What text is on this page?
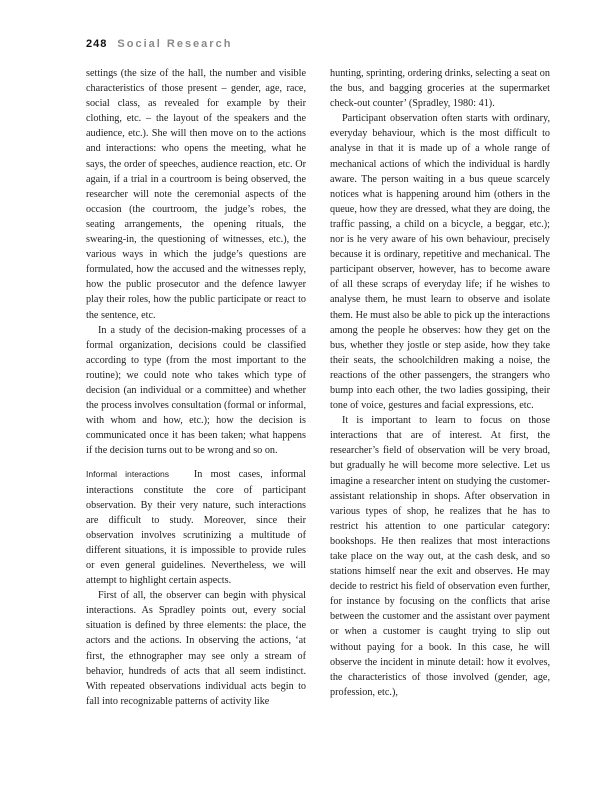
248 Social Research

settings (the size of the hall, the number and visible characteristics of those present – gender, age, race, social class, as revealed for example by their clothing, etc. – the layout of the speakers and the audience, etc.). She will then move on to the actions and interactions: who opens the meeting, what he says, the order of speeches, audience reaction, etc. Or again, if a trial in a courtroom is being observed, the researcher will note the ceremonial aspects of the occasion (the courtroom, the judge’s robes, the seating arrangements, the opening rituals, the swearing-in, the questioning of witnesses, etc.), the various ways in which the judge’s questions are formulated, how the accused and the witnesses reply, how the public prosecutor and the defence lawyer play their roles, how the public participate or react to the sentence, etc.

In a study of the decision-making processes of a formal organization, decisions could be classified according to type (from the most important to the routine); we could note who takes which type of decision (an individual or a committee) and whether the process involves consultation (formal or informal, with whom and how, etc.); how the decision is communicated once it has been taken; what happens if the decision turns out to be wrong and so on.

Informal interactions In most cases, informal interactions constitute the core of participant observation. By their very nature, such interactions are difficult to study. Moreover, since their observation involves scrutinizing a multitude of different situations, it is impossible to provide rules or even general guidelines. Nevertheless, we will attempt to highlight certain aspects.

First of all, the observer can begin with physical interactions. As Spradley points out, every social situation is defined by three elements: the place, the actors and the actions. In observing the actions, ‘at first, the ethnographer may see only a stream of behavior, hundreds of acts that all seem indistinct. With repeated observations individual acts begin to fall into recognizable patterns of activity like

hunting, sprinting, ordering drinks, selecting a seat on the bus, and bagging groceries at the supermarket check-out counter’ (Spradley, 1980: 41).

Participant observation often starts with ordinary, everyday behaviour, which is the most difficult to analyse in that it is made up of a whole range of mechanical actions of which the individual is hardly aware. The person waiting in a bus queue scarcely notices what is happening around him (others in the queue, how they are dressed, what they are doing, the traffic passing, a child on a bicycle, a beggar, etc.); nor is he very aware of his own behaviour, precisely because it is ordinary, repetitive and mechanical. The participant observer, however, has to become aware of all these scraps of everyday life; if he wishes to analyse them, he must learn to observe and isolate them. He must also be able to pick up the interactions among the people he observes: how they get on the bus, whether they jostle or step aside, how they take their seats, the schoolchildren making a noise, the reactions of the other passengers, the strangers who bump into each other, the two ladies gossiping, their tone of voice, gestures and facial expressions, etc.

It is important to learn to focus on those interactions that are of interest. At first, the researcher’s field of observation will be very broad, but gradually he will become more selective. Let us imagine a researcher intent on studying the customer-assistant relationship in shops. After observation in various types of shop, he realizes that he has to restrict his attention to one particular category: bookshops. He then realizes that most interactions take place on the way out, at the cash desk, and so stations himself near the exit and observes. He may decide to restrict his field of observation even further, for instance by focusing on the conflicts that arise between the customer and the assistant over payment or when a customer is caught trying to slip out without paying for a book. In this case, he will observe the incident in minute detail: how it evolves, the characteristics of those involved (gender, age, profession, etc.),
